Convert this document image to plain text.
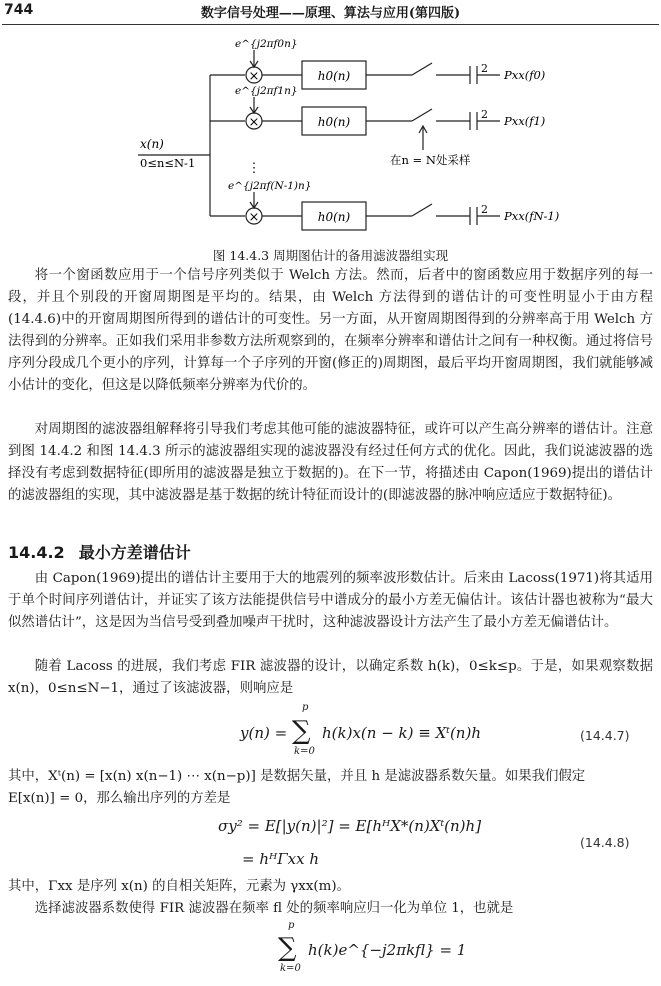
744	数字信号处理——原理、算法与应用(第四版)
×
×
×
e^{j2πf0n}
e^{j2πf1n}
e^{j2πf(N-1)n}
h0(n)
h0(n)
h0(n)
2
2
2
Pxx(f0)
Pxx(f1)
Pxx(fN-1)
x(n)
0≤n≤N-1	在n = N处采样
⋮
图 14.4.3 周期图估计的备用滤波器组实现

将一个窗函数应用于一个信号序列类似于 Welch 方法。然而，后者中的窗函数应用于数据序列的每一段，并且个别段的开窗周期图是平均的。结果，由 Welch 方法得到的谱估计的可变性明显小于由方程(14.4.6)中的开窗周期图所得到的谱估计的可变性。另一方面，从开窗周期图得到的分辨率高于用 Welch 方法得到的分辨率。正如我们采用非参数方法所观察到的，在频率分辨率和谱估计之间有一种权衡。通过将信号序列分段成几个更小的序列，计算每一个子序列的开窗(修正的)周期图，最后平均开窗周期图，我们就能够减小估计的变化，但这是以降低频率分辨率为代价的。

对周期图的滤波器组解释将引导我们考虑其他可能的滤波器特征，或许可以产生高分辨率的谱估计。注意到图 14.4.2 和图 14.4.3 所示的滤波器组实现的滤波器没有经过任何方式的优化。因此，我们说滤波器的选择没有考虑到数据特征(即所用的滤波器是独立于数据的)。在下一节，将描述由 Capon(1969)提出的谱估计的滤波器组的实现，其中滤波器是基于数据的统计特征而设计的(即滤波器的脉冲响应适应于数据特征)。

14.4.2 最小方差谱估计

由 Capon(1969)提出的谱估计主要用于大的地震列的频率波形数估计。后来由 Lacoss(1971)将其适用于单个时间序列谱估计，并证实了该方法能提供信号中谱成分的最小方差无偏估计。该估计器也被称为“最大似然谱估计”，这是因为当信号受到叠加噪声干扰时，这种滤波器设计方法产生了最小方差无偏谱估计。

随着 Lacoss 的进展，我们考虑 FIR 滤波器的设计，以确定系数 h(k)，0≤k≤p。于是，如果观察数据 x(n)，0≤n≤N−1，通过了该滤波器，则响应是

y(n) =
p
∑
k=0
h(k)x(n − k) ≡ Xᵗ(n)h	(14.4.7)

其中，Xᵗ(n) = [x(n) x(n−1) ⋯ x(n−p)] 是数据矢量，并且 h 是滤波器系数矢量。如果我们假定

E[x(n)] = 0，那么输出序列的方差是

σy² = E[|y(n)|²] = E[hᴴX*(n)Xᵗ(n)h]
= hᴴΓxx h
(14.4.8)

其中，Γxx 是序列 x(n) 的自相关矩阵，元素为 γxx(m)。

选择滤波器系数使得 FIR 滤波器在频率 fl 处的频率响应归一化为单位 1，也就是

p
∑
k=0
h(k)e^{−j2πkfl} = 1
